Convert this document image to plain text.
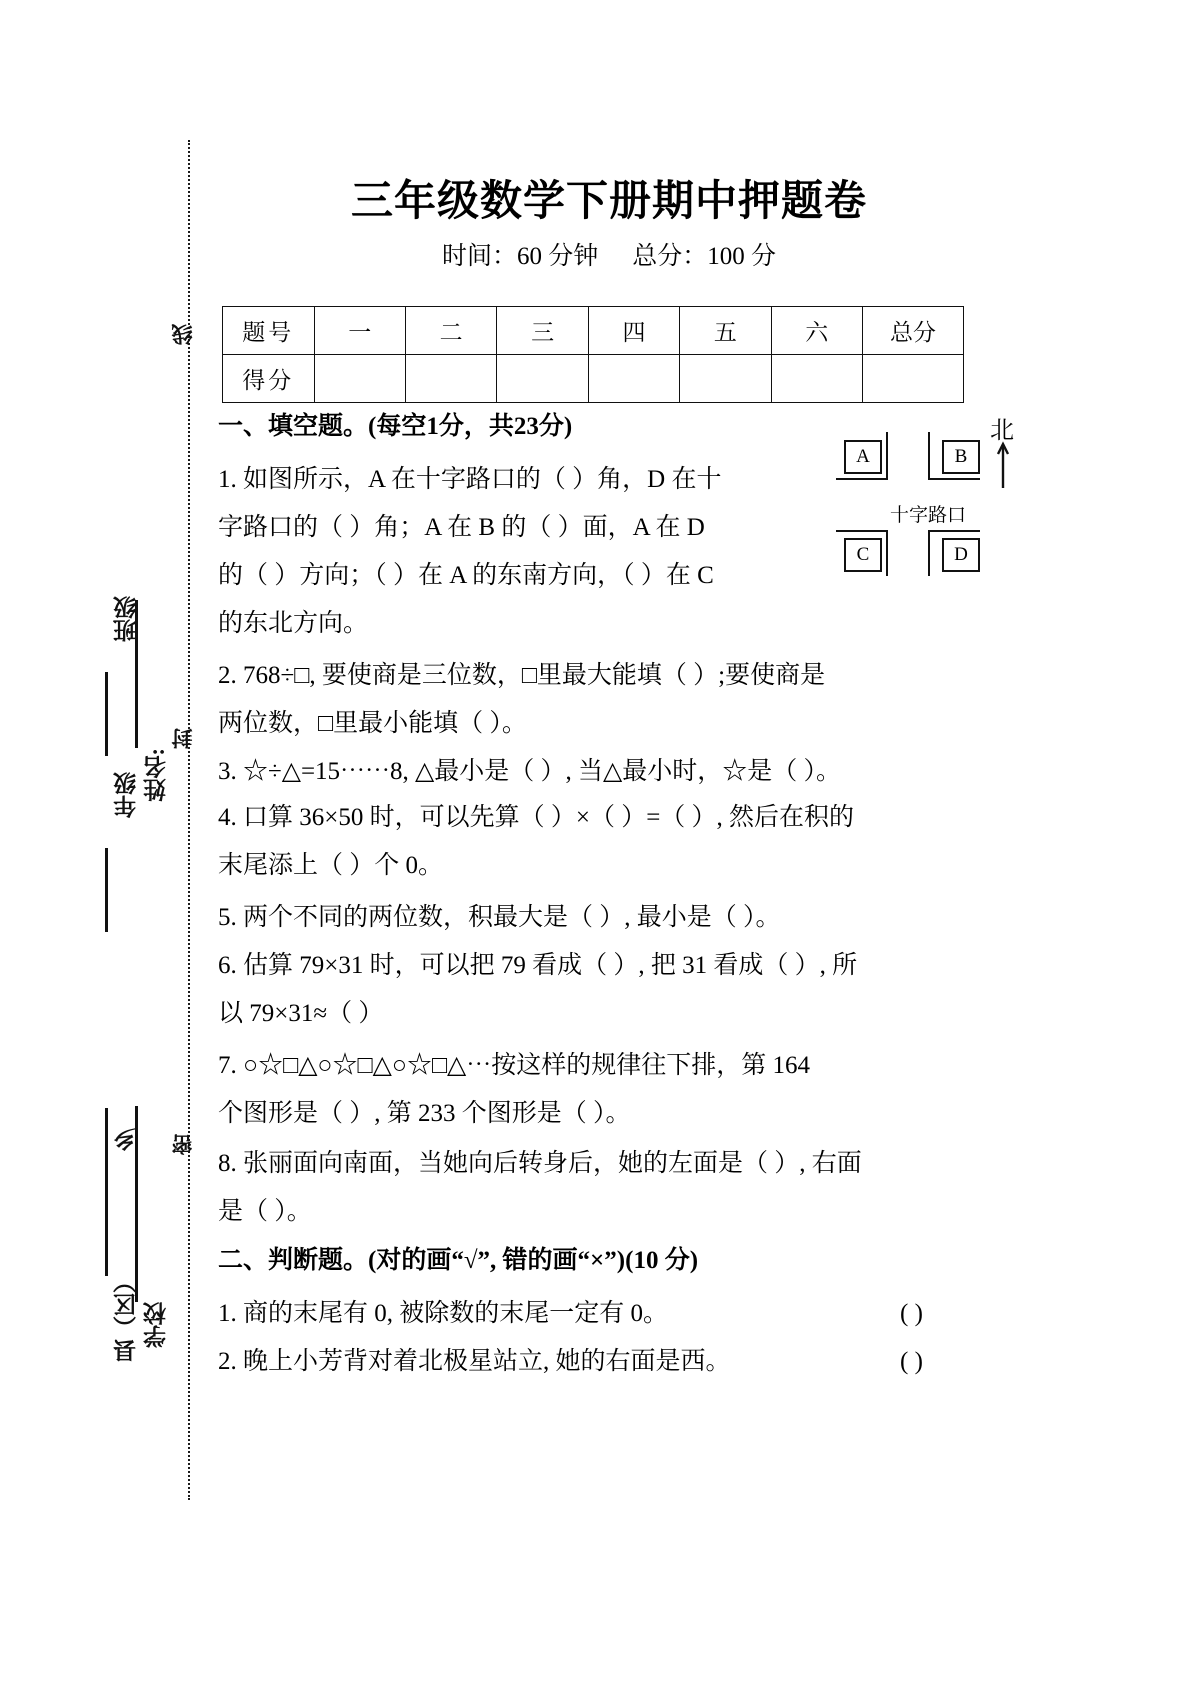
线
封
密
班级
年级 姓名:
乡
县（区） 学校
三年级数学下册期中押题卷
时间：60 分钟 总分：100 分
题号	一	二	三	四	五	六	总分
得分							
一、填空题。(每空1分，共23分)
1. 如图所示，A 在十字路口的（ ）角，D 在十
字路口的（ ）角；A 在 B 的（ ）面，A 在 D
的（ ）方向；（ ）在 A 的东南方向，（ ）在 C
的东北方向。
A	B
C	D
十字路口
北
2. 768÷□, 要使商是三位数，□里最大能填（ ）;要使商是
两位数，□里最小能填（ ）。
3. ☆÷△=15⋯⋯8, △最小是（ ）, 当△最小时，☆是（ ）。
4. 口算 36×50 时，可以先算（ ）×（ ）=（ ）, 然后在积的
末尾添上（ ）个 0。
5. 两个不同的两位数，积最大是（ ）, 最小是（ ）。
6. 估算 79×31 时，可以把 79 看成（ ）, 把 31 看成（ ）, 所
以 79×31≈（ ）
7. ○☆□△○☆□△○☆□△⋯按这样的规律往下排，第 164
个图形是（ ）, 第 233 个图形是（ ）。
8. 张丽面向南面，当她向后转身后，她的左面是（ ）, 右面
是（ ）。
二、判断题。(对的画“√”, 错的画“×”)(10 分)
1. 商的末尾有 0, 被除数的末尾一定有 0。	( )
2. 晚上小芳背对着北极星站立, 她的右面是西。	( )
